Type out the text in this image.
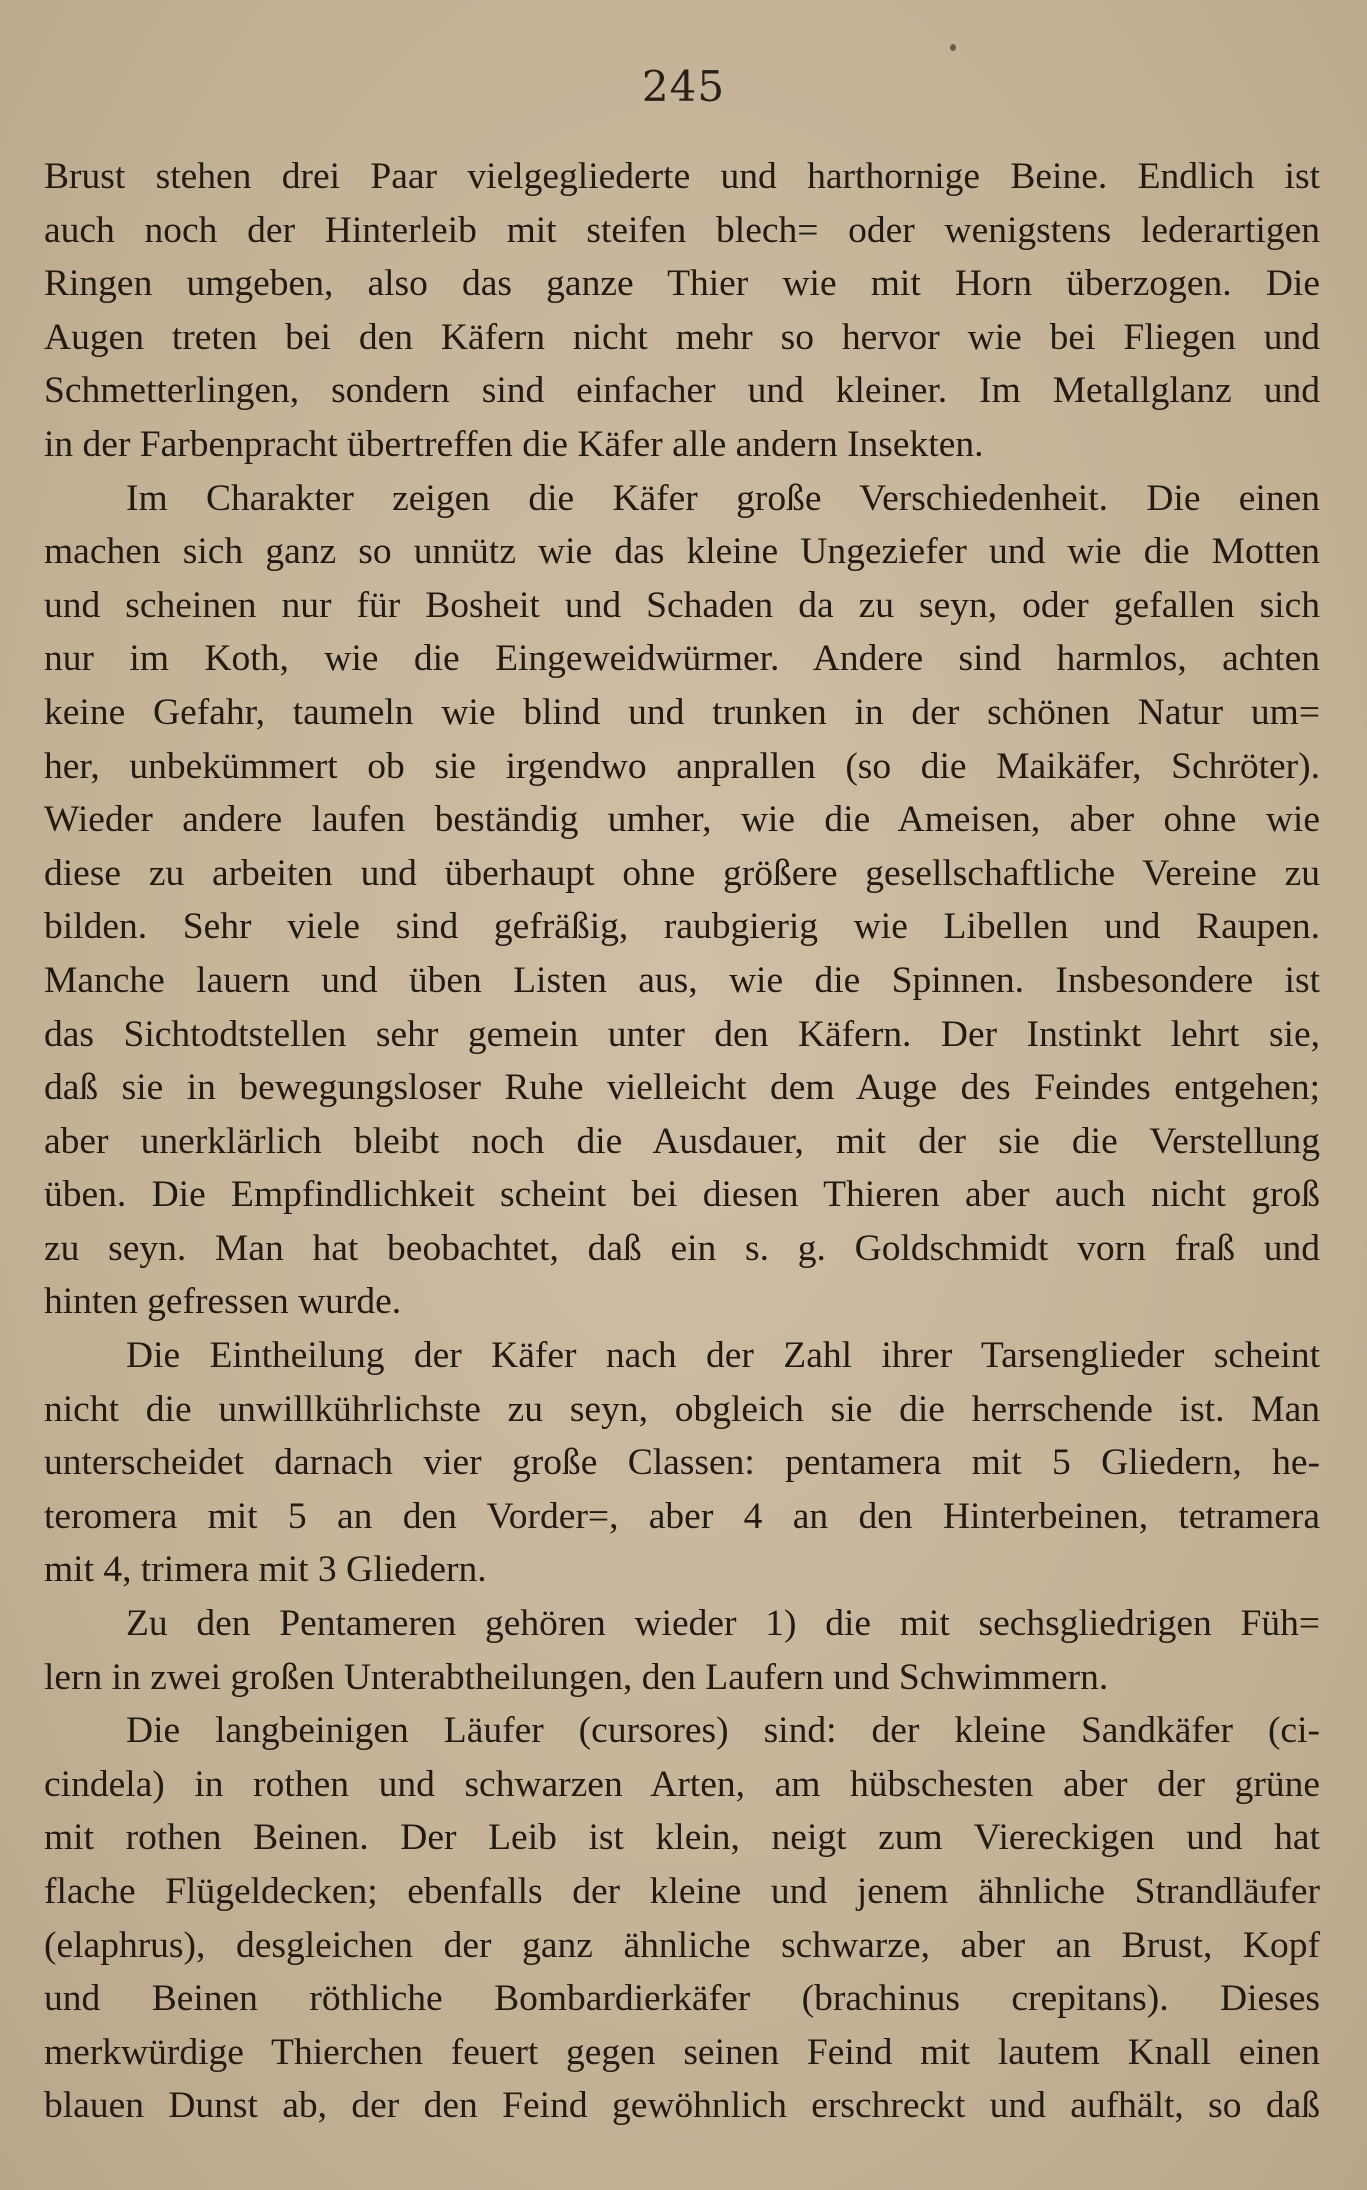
245
Brust stehen drei Paar vielgegliederte und harthornige Beine. Endlich ist
auch noch der Hinterleib mit steifen blech= oder wenigstens lederartigen
Ringen umgeben, also das ganze Thier wie mit Horn überzogen. Die
Augen treten bei den Käfern nicht mehr so hervor wie bei Fliegen und
Schmetterlingen, sondern sind einfacher und kleiner. Im Metallglanz und
in der Farbenpracht übertreffen die Käfer alle andern Insekten.
Im Charakter zeigen die Käfer große Verschiedenheit. Die einen
machen sich ganz so unnütz wie das kleine Ungeziefer und wie die Motten
und scheinen nur für Bosheit und Schaden da zu seyn, oder gefallen sich
nur im Koth, wie die Eingeweidwürmer. Andere sind harmlos, achten
keine Gefahr, taumeln wie blind und trunken in der schönen Natur um=
her, unbekümmert ob sie irgendwo anprallen (so die Maikäfer, Schröter).
Wieder andere laufen beständig umher, wie die Ameisen, aber ohne wie
diese zu arbeiten und überhaupt ohne größere gesellschaftliche Vereine zu
bilden. Sehr viele sind gefräßig, raubgierig wie Libellen und Raupen.
Manche lauern und üben Listen aus, wie die Spinnen. Insbesondere ist
das Sichtodtstellen sehr gemein unter den Käfern. Der Instinkt lehrt sie,
daß sie in bewegungsloser Ruhe vielleicht dem Auge des Feindes entgehen;
aber unerklärlich bleibt noch die Ausdauer, mit der sie die Verstellung
üben. Die Empfindlichkeit scheint bei diesen Thieren aber auch nicht groß
zu seyn. Man hat beobachtet, daß ein s. g. Goldschmidt vorn fraß und
hinten gefressen wurde.
Die Eintheilung der Käfer nach der Zahl ihrer Tarsenglieder scheint
nicht die unwillkührlichste zu seyn, obgleich sie die herrschende ist. Man
unterscheidet darnach vier große Classen: pentamera mit 5 Gliedern, he-
teromera mit 5 an den Vorder=, aber 4 an den Hinterbeinen, tetramera
mit 4, trimera mit 3 Gliedern.
Zu den Pentameren gehören wieder 1) die mit sechsgliedrigen Füh=
lern in zwei großen Unterabtheilungen, den Laufern und Schwimmern.
Die langbeinigen Läufer (cursores) sind: der kleine Sandkäfer (ci-
cindela) in rothen und schwarzen Arten, am hübschesten aber der grüne
mit rothen Beinen. Der Leib ist klein, neigt zum Viereckigen und hat
flache Flügeldecken; ebenfalls der kleine und jenem ähnliche Strandläufer
(elaphrus), desgleichen der ganz ähnliche schwarze, aber an Brust, Kopf
und Beinen röthliche Bombardierkäfer (brachinus crepitans). Dieses
merkwürdige Thierchen feuert gegen seinen Feind mit lautem Knall einen
blauen Dunst ab, der den Feind gewöhnlich erschreckt und aufhält, so daß
